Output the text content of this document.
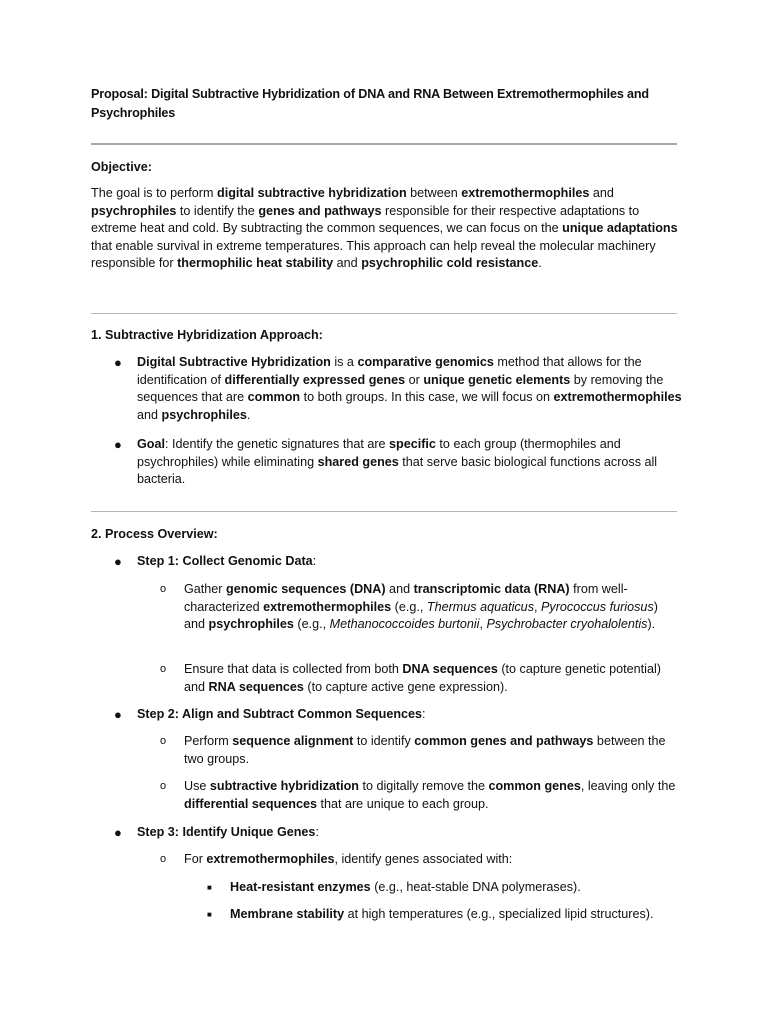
Proposal: Digital Subtractive Hybridization of DNA and RNA Between Extremothermophiles and Psychrophiles
Objective:

The goal is to perform digital subtractive hybridization between extremothermophiles and psychrophiles to identify the genes and pathways responsible for their respective adaptations to extreme heat and cold. By subtracting the common sequences, we can focus on the unique adaptations that enable survival in extreme temperatures. This approach can help reveal the molecular machinery responsible for thermophilic heat stability and psychrophilic cold resistance.

1. Subtractive Hybridization Approach:
● Digital Subtractive Hybridization is a comparative genomics method that allows for the identification of differentially expressed genes or unique genetic elements by removing the sequences that are common to both groups. In this case, we will focus on extremothermophiles and psychrophiles.

● Goal: Identify the genetic signatures that are specific to each group (thermophiles and psychrophiles) while eliminating shared genes that serve basic biological functions across all bacteria.

2. Process Overview:
● Step 1: Collect Genomic Data:

o Gather genomic sequences (DNA) and transcriptomic data (RNA) from well-characterized extremothermophiles (e.g., Thermus aquaticus, Pyrococcus furiosus) and psychrophiles (e.g., Methanococcoides burtonii, Psychrobacter cryohalolentis).

o Ensure that data is collected from both DNA sequences (to capture genetic potential) and RNA sequences (to capture active gene expression).

● Step 2: Align and Subtract Common Sequences:

o Perform sequence alignment to identify common genes and pathways between the two groups.

o Use subtractive hybridization to digitally remove the common genes, leaving only the differential sequences that are unique to each group.

● Step 3: Identify Unique Genes:

o For extremothermophiles, identify genes associated with:

■ Heat-resistant enzymes (e.g., heat-stable DNA polymerases).

■ Membrane stability at high temperatures (e.g., specialized lipid structures).
